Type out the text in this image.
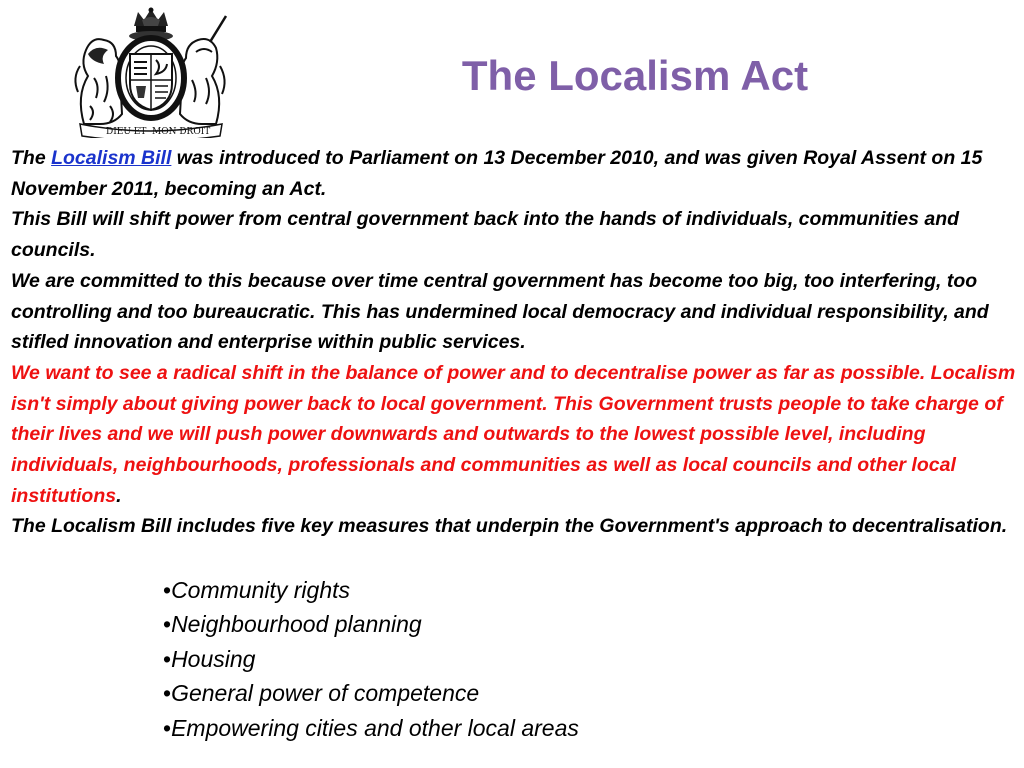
DIEU ET MON DROIT
The Localism Act

The Localism Bill was introduced to Parliament on 13 December 2010, and was given Royal Assent on 15 November 2011, becoming an Act.

This Bill will shift power from central government back into the hands of individuals, communities and councils.

We are committed to this because over time central government has become too big, too interfering, too controlling and too bureaucratic. This has undermined local democracy and individual responsibility, and stifled innovation and enterprise within public services.

We want to see a radical shift in the balance of power and to decentralise power as far as possible. Localism isn't simply about giving power back to local government. This Government trusts people to take charge of their lives and we will push power downwards and outwards to the lowest possible level, including individuals, neighbourhoods, professionals and communities as well as local councils and other local institutions.

The Localism Bill includes five key measures that underpin the Government's approach to decentralisation.

•Community rights
•Neighbourhood planning
•Housing
•General power of competence
•Empowering cities and other local areas
